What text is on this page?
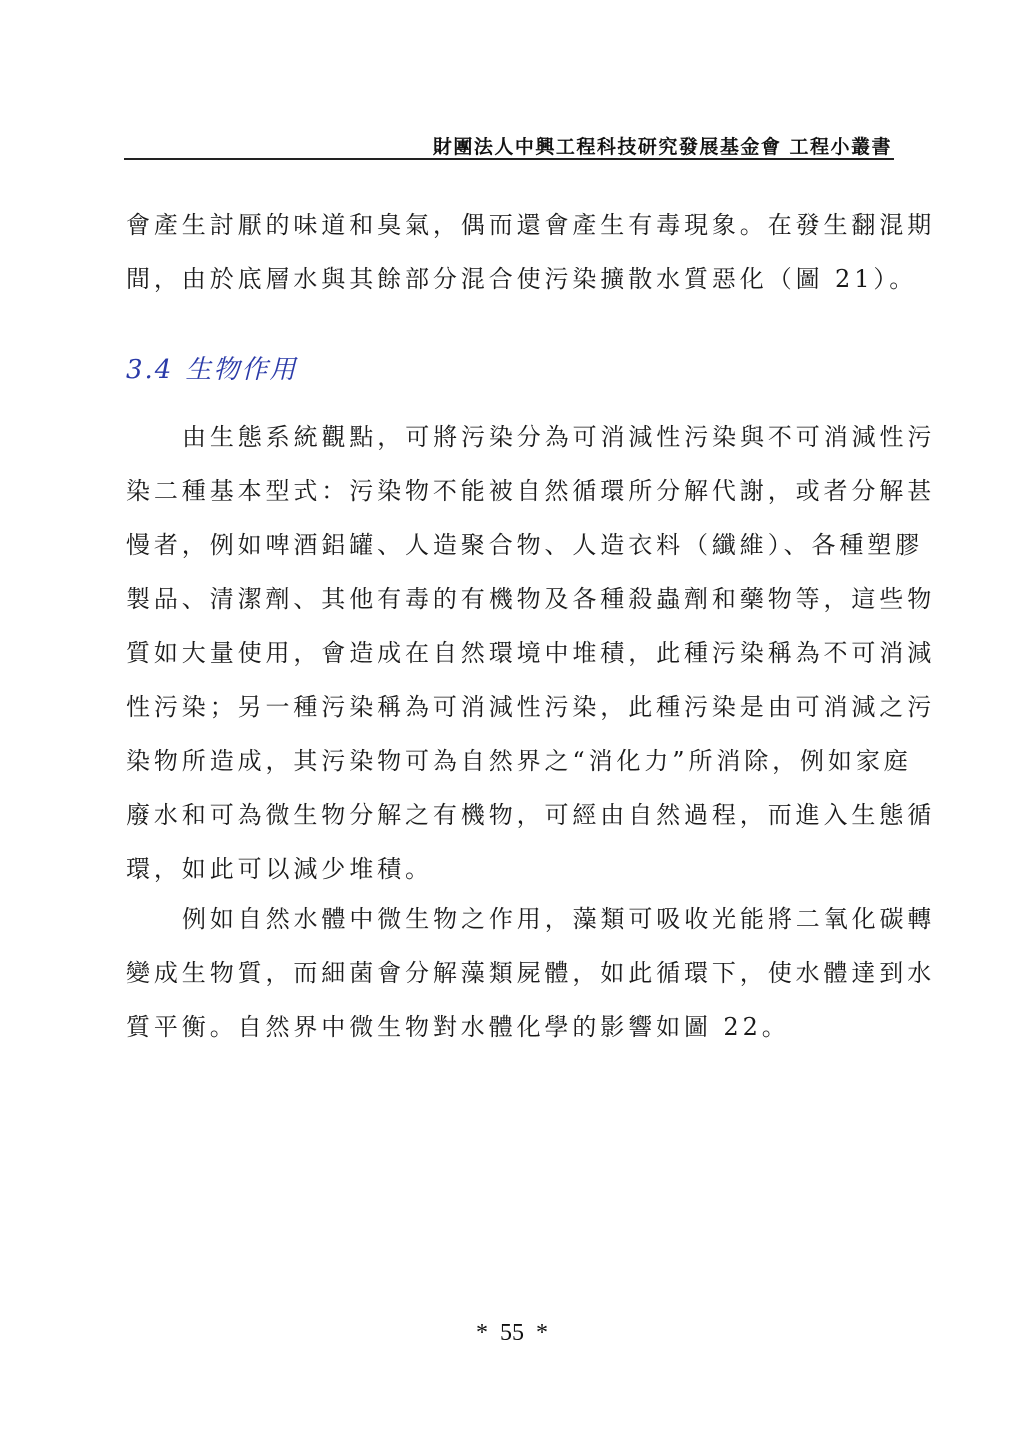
財團法人中興工程科技研究發展基金會 工程小叢書
會產生討厭的味道和臭氣，偶而還會產生有毒現象。在發生翻混期
間，由於底層水與其餘部分混合使污染擴散水質惡化（圖 21）。
3.4 生物作用
由生態系統觀點，可將污染分為可消減性污染與不可消減性污
染二種基本型式：污染物不能被自然循環所分解代謝，或者分解甚
慢者，例如啤酒鋁罐、人造聚合物、人造衣料（纖維）、各種塑膠
製品、清潔劑、其他有毒的有機物及各種殺蟲劑和藥物等，這些物
質如大量使用，會造成在自然環境中堆積，此種污染稱為不可消減
性污染；另一種污染稱為可消減性污染，此種污染是由可消減之污
染物所造成，其污染物可為自然界之“消化力”所消除，例如家庭
廢水和可為微生物分解之有機物，可經由自然過程，而進入生態循
環，如此可以減少堆積。
例如自然水體中微生物之作用，藻類可吸收光能將二氧化碳轉
變成生物質，而細菌會分解藻類屍體，如此循環下，使水體達到水
質平衡。自然界中微生物對水體化學的影響如圖 22。
*  55  *
